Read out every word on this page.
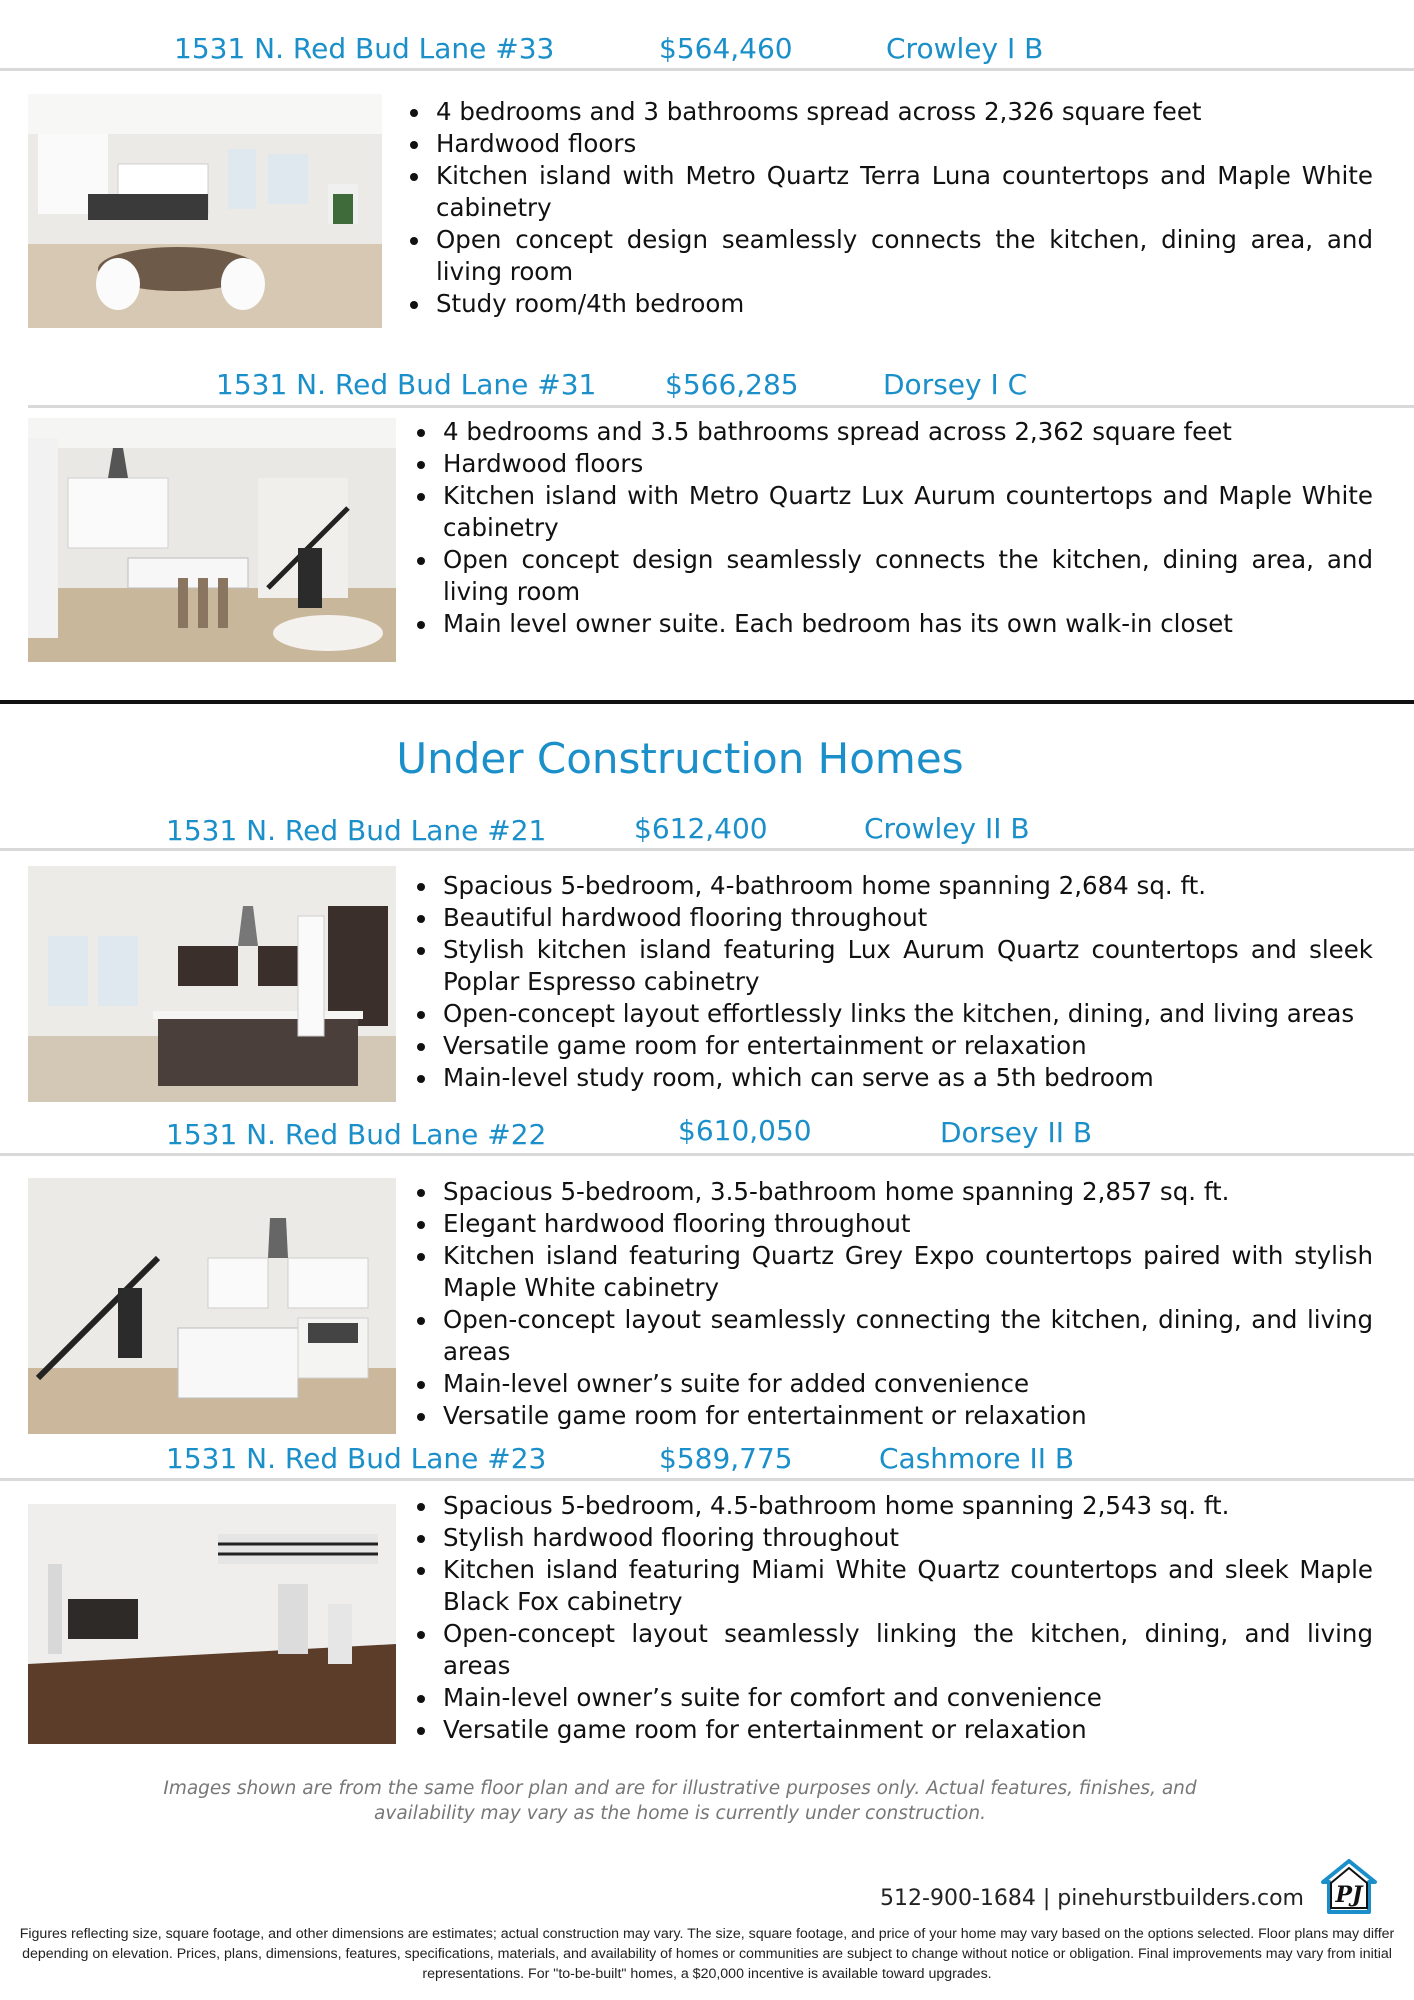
1531 N. Red Bud Lane #33	$564,460	Crowley I B
4 bedrooms and 3 bathrooms spread across 2,326 square feet
Hardwood floors
Kitchen island with Metro Quartz Terra Luna countertops and Maple White cabinetry
Open concept design seamlessly connects the kitchen, dining area, and living room
Study room/4th bedroom
1531 N. Red Bud Lane #31 $566,285	Dorsey I C
4 bedrooms and 3.5 bathrooms spread across 2,362 square feet
Hardwood floors
Kitchen island with Metro Quartz Lux Aurum countertops and Maple White cabinetry
Open concept design seamlessly connects the kitchen, dining area, and living room
Main level owner suite. Each bedroom has its own walk-in closet
Under Construction Homes
1531 N. Red Bud Lane #21	$612,400	Crowley II B
Spacious 5-bedroom, 4-bathroom home spanning 2,684 sq. ft.
Beautiful hardwood flooring throughout
Stylish kitchen island featuring Lux Aurum Quartz countertops and sleek Poplar Espresso cabinetry
Open-concept layout effortlessly links the kitchen, dining, and living areas
Versatile game room for entertainment or relaxation
Main-level study room, which can serve as a 5th bedroom
1531 N. Red Bud Lane #22	$610,050	Dorsey II B
Spacious 5-bedroom, 3.5-bathroom home spanning 2,857 sq. ft.
Elegant hardwood flooring throughout
Kitchen island featuring Quartz Grey Expo countertops paired with stylish Maple White cabinetry
Open-concept layout seamlessly connecting the kitchen, dining, and living areas
Main-level owner’s suite for added convenience
Versatile game room for entertainment or relaxation
1531 N. Red Bud Lane #23	$589,775	Cashmore II B
Spacious 5-bedroom, 4.5-bathroom home spanning 2,543 sq. ft.
Stylish hardwood flooring throughout
Kitchen island featuring Miami White Quartz countertops and sleek Maple Black Fox cabinetry
Open-concept layout seamlessly linking the kitchen, dining, and living areas
Main-level owner’s suite for comfort and convenience
Versatile game room for entertainment or relaxation
Images shown are from the same floor plan and are for illustrative purposes only. Actual features, finishes, and availability may vary as the home is currently under construction.
512-900-1684 | pinehurstbuilders.com PJ
Figures reflecting size, square footage, and other dimensions are estimates; actual construction may vary. The size, square footage, and price of your home may vary based on the options selected. Floor plans may differ depending on elevation. Prices, plans, dimensions, features, specifications, materials, and availability of homes or communities are subject to change without notice or obligation. Final improvements may vary from initial representations. For "to-be-built" homes, a $20,000 incentive is available toward upgrades.
